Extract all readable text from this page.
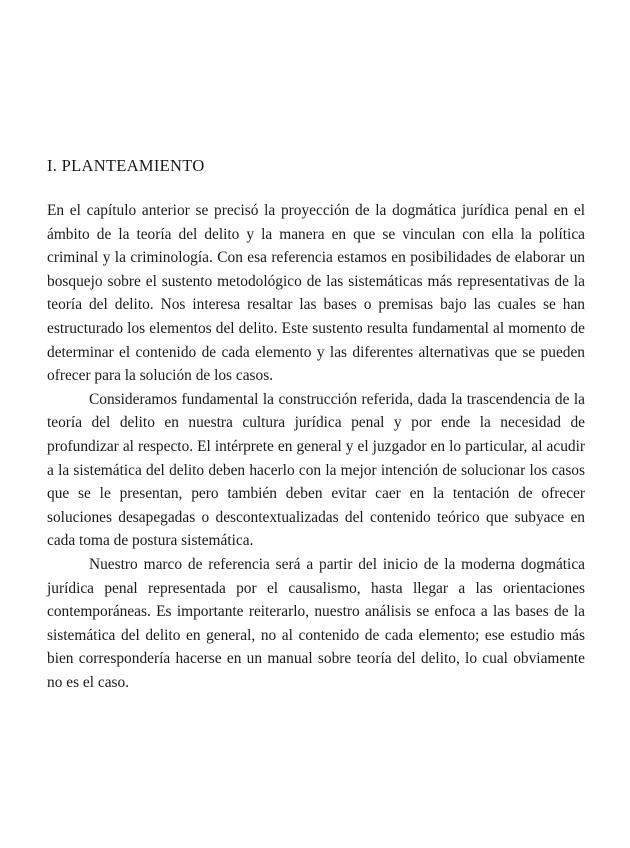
I. PLANTEAMIENTO

En el capítulo anterior se precisó la proyección de la dogmática jurídica penal en el ámbito de la teoría del delito y la manera en que se vinculan con ella la política criminal y la criminología. Con esa referencia estamos en posibilidades de elaborar un bosquejo sobre el sustento metodológico de las sistemáticas más representativas de la teoría del delito. Nos interesa resaltar las bases o premisas bajo las cuales se han estructurado los elementos del delito. Este sustento resulta fundamental al momento de determinar el contenido de cada elemento y las diferentes alternativas que se pueden ofrecer para la solución de los casos.

Consideramos fundamental la construcción referida, dada la trascendencia de la teoría del delito en nuestra cultura jurídica penal y por ende la necesidad de profundizar al respecto. El intérprete en general y el juzgador en lo particular, al acudir a la sistemática del delito deben hacerlo con la mejor intención de solucionar los casos que se le presentan, pero también deben evitar caer en la tentación de ofrecer soluciones desapegadas o descontextualizadas del contenido teórico que subyace en cada toma de postura sistemática.

Nuestro marco de referencia será a partir del inicio de la moderna dogmática jurídica penal representada por el causalismo, hasta llegar a las orientaciones contemporáneas. Es importante reiterarlo, nuestro análisis se enfoca a las bases de la sistemática del delito en general, no al contenido de cada elemento; ese estudio más bien correspondería hacerse en un manual sobre teoría del delito, lo cual obviamente no es el caso.
